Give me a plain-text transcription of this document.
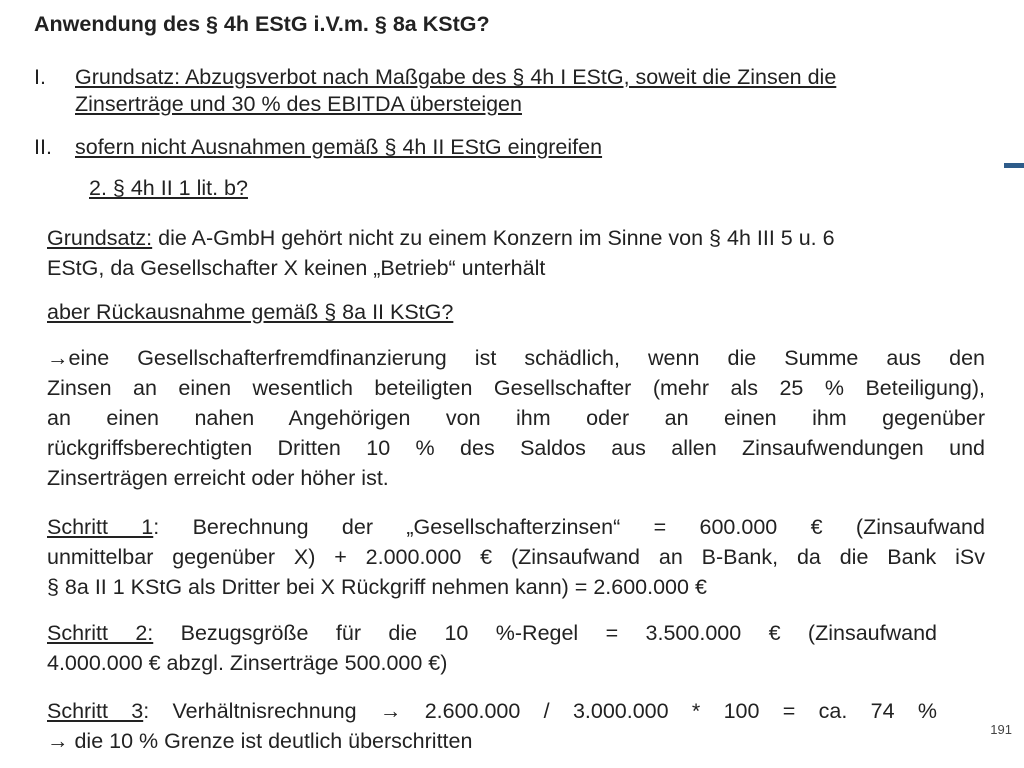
Anwendung des § 4h EStG i.V.m. § 8a KStG?
I. Grundsatz: Abzugsverbot nach Maßgabe des § 4h I EStG, soweit die Zinsen die
Zinserträge und 30 % des EBITDA übersteigen
II. sofern nicht Ausnahmen gemäß § 4h II EStG eingreifen
2. § 4h II 1 lit. b?
Grundsatz: die A-GmbH gehört nicht zu einem Konzern im Sinne von § 4h III 5 u. 6
EStG, da Gesellschafter X keinen „Betrieb“ unterhält
aber Rückausnahme gemäß § 8a II KStG?
→eine Gesellschafterfremdfinanzierung ist schädlich, wenn die Summe aus den
Zinsen an einen wesentlich beteiligten Gesellschafter (mehr als 25 % Beteiligung),
an einen nahen Angehörigen von ihm oder an einen ihm gegenüber
rückgriffsberechtigten Dritten 10 % des Saldos aus allen Zinsaufwendungen und
Zinserträgen erreicht oder höher ist.
Schritt 1: Berechnung der „Gesellschafterzinsen“ = 600.000 € (Zinsaufwand
unmittelbar gegenüber X) + 2.000.000 € (Zinsaufwand an B-Bank, da die Bank iSv
§ 8a II 1 KStG als Dritter bei X Rückgriff nehmen kann) = 2.600.000 €
Schritt 2: Bezugsgröße für die 10 %-Regel = 3.500.000 € (Zinsaufwand
4.000.000 € abzgl. Zinserträge 500.000 €)
Schritt 3: Verhältnisrechnung → 2.600.000 / 3.000.000 * 100 = ca. 74 %
→ die 10 % Grenze ist deutlich überschritten	191
